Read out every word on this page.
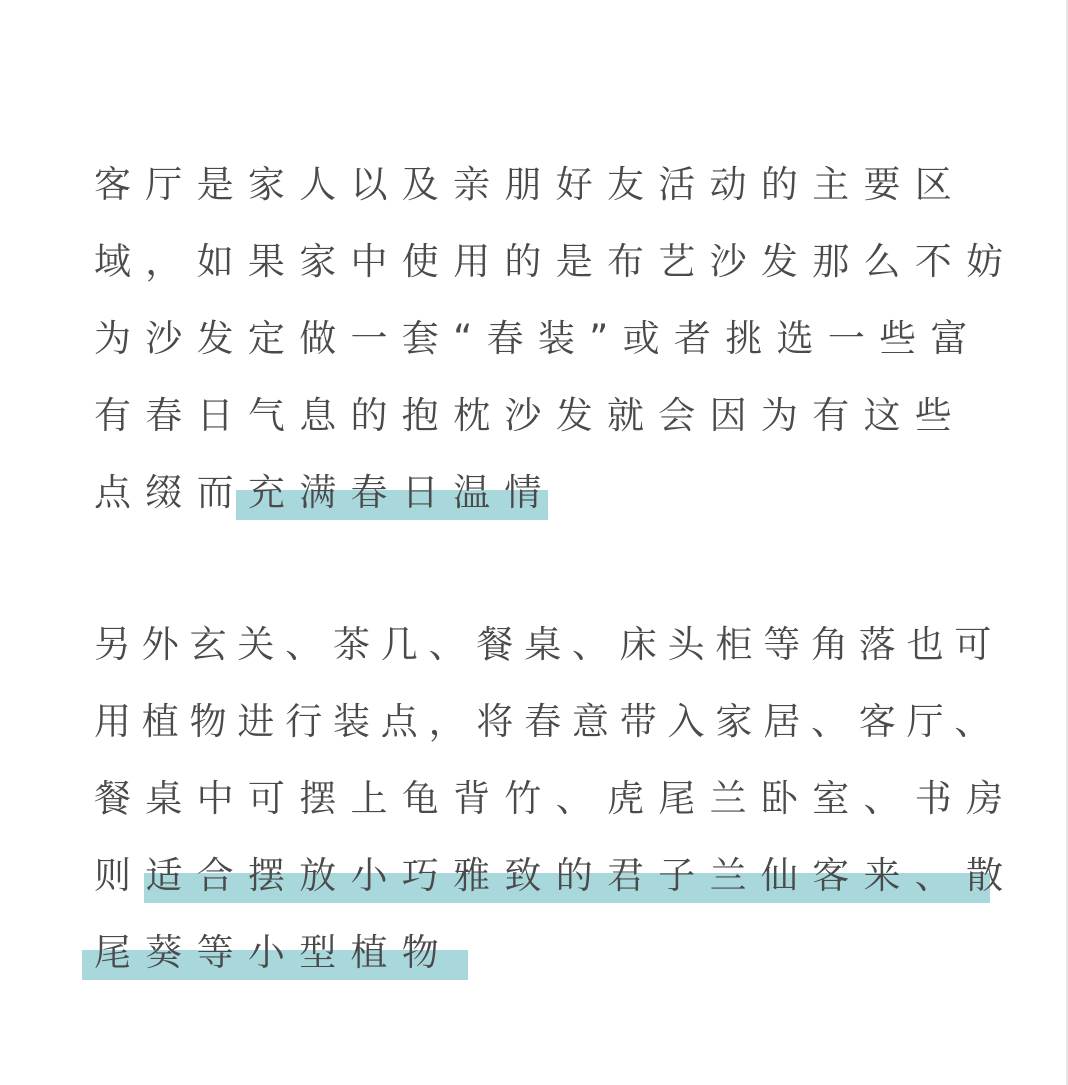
客厅是家人以及亲朋好友活动的主要区
域，如果家中使用的是布艺沙发那么不妨
为沙发定做一套“春装”或者挑选一些富
有春日气息的抱枕沙发就会因为有这些
点缀而充满春日温情
另外玄关、茶几、餐桌、床头柜等角落也可
用植物进行装点，将春意带入家居、客厅、
餐桌中可摆上龟背竹、虎尾兰卧室、书房
则适合摆放小巧雅致的君子兰仙客来、散
尾葵等小型植物
